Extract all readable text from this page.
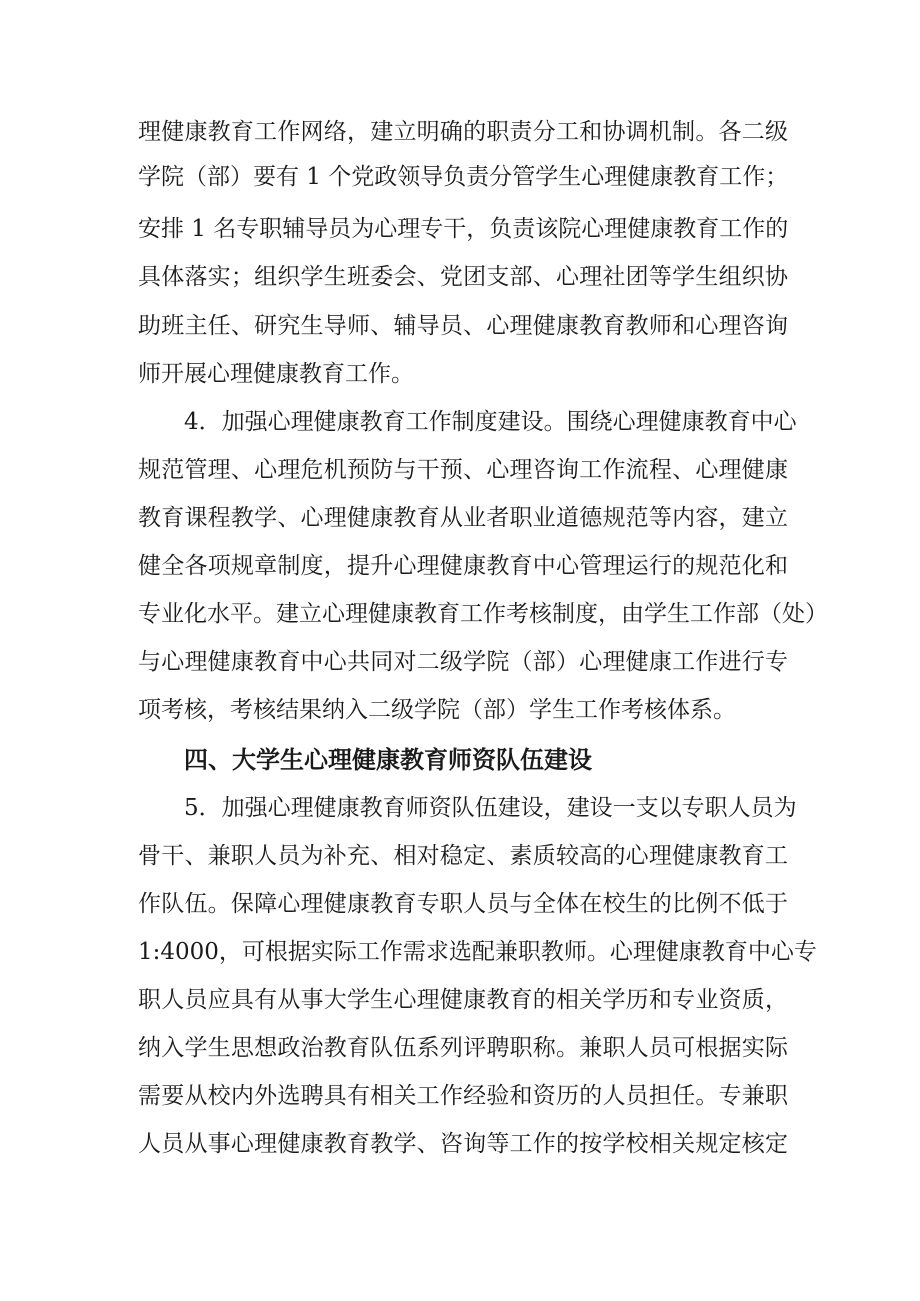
理健康教育工作网络，建立明确的职责分工和协调机制。各二级
学院（部）要有 1 个党政领导负责分管学生心理健康教育工作；
安排 1 名专职辅导员为心理专干，负责该院心理健康教育工作的
具体落实；组织学生班委会、党团支部、心理社团等学生组织协
助班主任、研究生导师、辅导员、心理健康教育教师和心理咨询
师开展心理健康教育工作。
4．加强心理健康教育工作制度建设。围绕心理健康教育中心
规范管理、心理危机预防与干预、心理咨询工作流程、心理健康
教育课程教学、心理健康教育从业者职业道德规范等内容，建立
健全各项规章制度，提升心理健康教育中心管理运行的规范化和
专业化水平。建立心理健康教育工作考核制度，由学生工作部（处）
与心理健康教育中心共同对二级学院（部）心理健康工作进行专
项考核，考核结果纳入二级学院（部）学生工作考核体系。
四、大学生心理健康教育师资队伍建设
5．加强心理健康教育师资队伍建设，建设一支以专职人员为
骨干、兼职人员为补充、相对稳定、素质较高的心理健康教育工
作队伍。保障心理健康教育专职人员与全体在校生的比例不低于
1:4000，可根据实际工作需求选配兼职教师。心理健康教育中心专
职人员应具有从事大学生心理健康教育的相关学历和专业资质，
纳入学生思想政治教育队伍系列评聘职称。兼职人员可根据实际
需要从校内外选聘具有相关工作经验和资历的人员担任。专兼职
人员从事心理健康教育教学、咨询等工作的按学校相关规定核定
